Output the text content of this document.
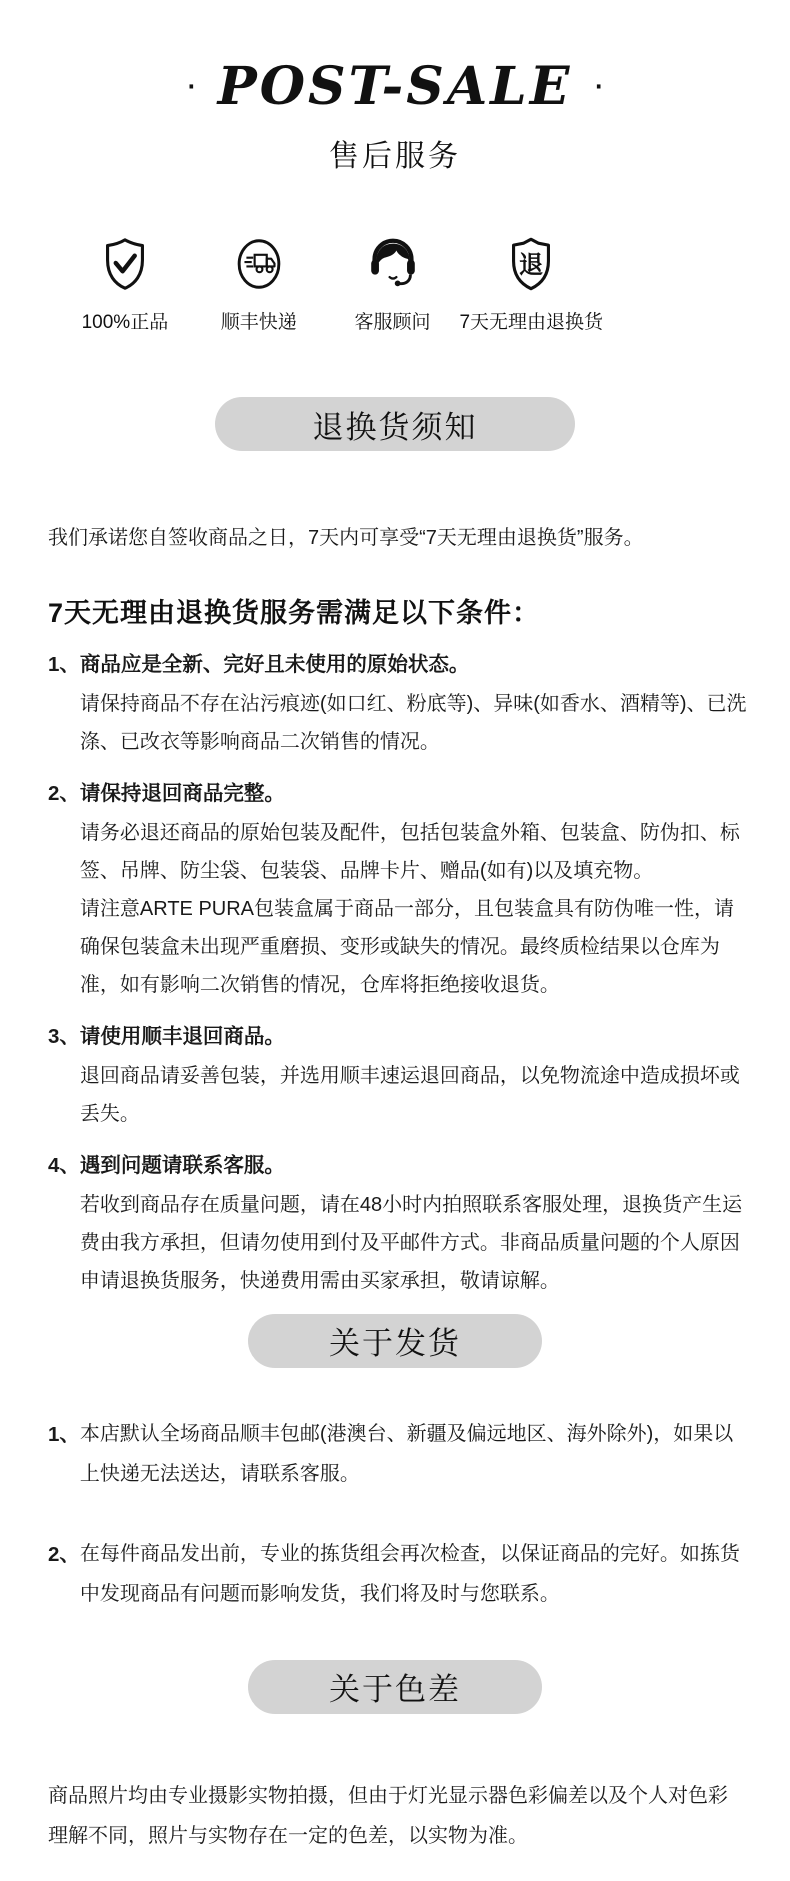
· POST-SALE ·
售后服务
100%正品	顺丰快递	客服顾问
退
7天无理由退换货
退换货须知

我们承诺您自签收商品之日，7天内可享受“7天无理由退换货”服务。

7天无理由退换货服务需满足以下条件：
1、 商品应是全新、完好且未使用的原始状态。

请保持商品不存在沾污痕迹(如口红、粉底等)、异味(如香水、酒精等)、已洗涤、已改衣等影响商品二次销售的情况。

2、 请保持退回商品完整。

请务必退还商品的原始包装及配件，包括包装盒外箱、包装盒、防伪扣、标签、吊牌、防尘袋、包装袋、品牌卡片、赠品(如有)以及填充物。

请注意ARTE PURA包装盒属于商品一部分，且包装盒具有防伪唯一性，请确保包装盒未出现严重磨损、变形或缺失的情况。最终质检结果以仓库为准，如有影响二次销售的情况，仓库将拒绝接收退货。

3、 请使用顺丰退回商品。

退回商品请妥善包装，并选用顺丰速运退回商品，以免物流途中造成损坏或丢失。

4、 遇到问题请联系客服。

若收到商品存在质量问题，请在48小时内拍照联系客服处理，退换货产生运费由我方承担，但请勿使用到付及平邮件方式。非商品质量问题的个人原因申请退换货服务，快递费用需由买家承担，敬请谅解。

关于发货
1、 本店默认全场商品顺丰包邮(港澳台、新疆及偏远地区、海外除外)，如果以上快递无法送达，请联系客服。

2、 在每件商品发出前，专业的拣货组会再次检查，以保证商品的完好。如拣货中发现商品有问题而影响发货，我们将及时与您联系。

关于色差

商品照片均由专业摄影实物拍摄，但由于灯光显示器色彩偏差以及个人对色彩理解不同，照片与实物存在一定的色差，以实物为准。
